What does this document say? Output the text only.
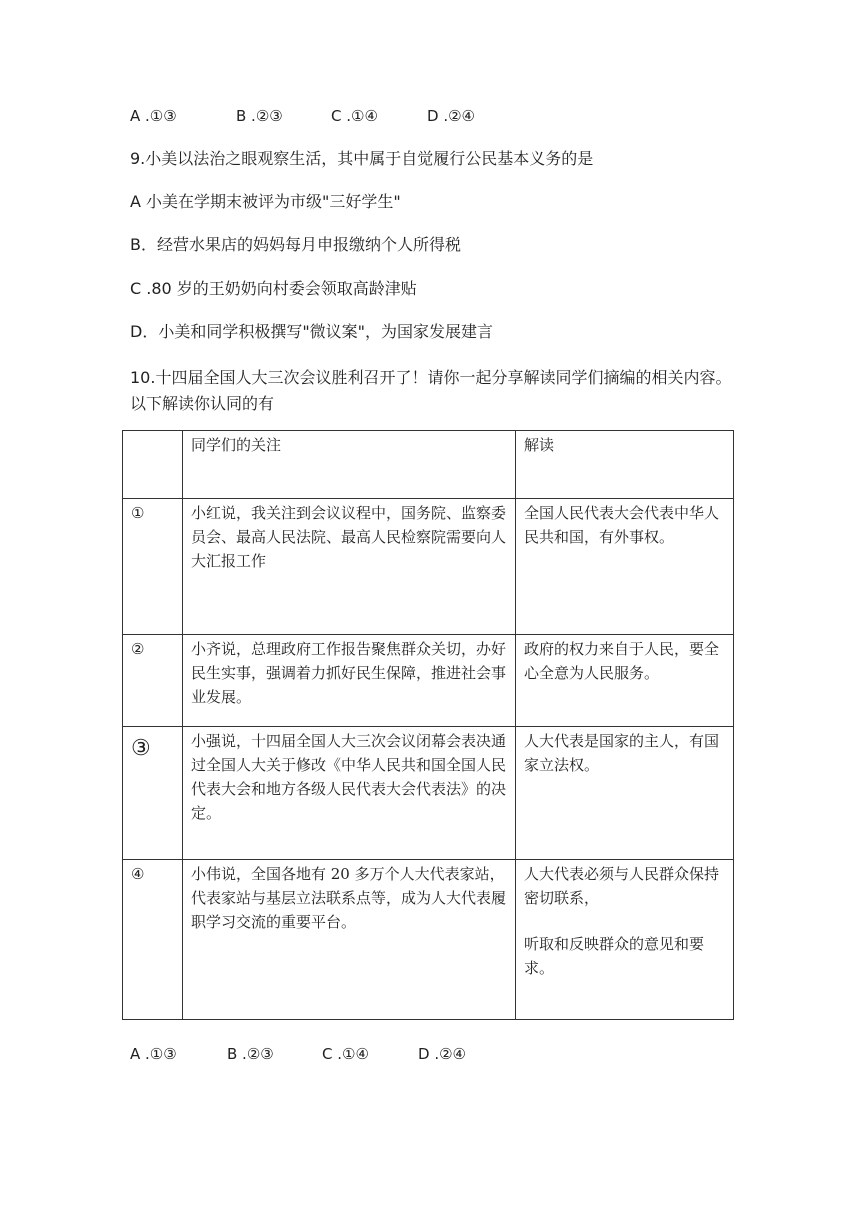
A .①③	B .②③	C .①④	D .②④
9.小美以法治之眼观察生活，其中属于自觉履行公民基本义务的是
A 小美在学期末被评为市级"三好学生"
B．经营水果店的妈妈每月申报缴纳个人所得税
C .80 岁的王奶奶向村委会领取高龄津贴
D．小美和同学积极撰写"微议案"，为国家发展建言
10.十四届全国人大三次会议胜利召开了！请你一起分享解读同学们摘编的相关内容。以下解读你认同的有
	同学们的关注	解读
①	小红说，我关注到会议议程中，国务院、监察委员会、最高人民法院、最高人民检察院需要向人大汇报工作	全国人民代表大会代表中华人民共和国，有外事权。
②	小齐说，总理政府工作报告聚焦群众关切，办好民生实事，强调着力抓好民生保障，推进社会事业发展。	政府的权力来自于人民，要全心全意为人民服务。
③	小强说，十四届全国人大三次会议闭幕会表决通过全国人大关于修改《中华人民共和国全国人民代表大会和地方各级人民代表大会代表法》的决定。	人大代表是国家的主人，有国家立法权。
④	小伟说，全国各地有 20 多万个人大代表家站，代表家站与基层立法联系点等，成为人大代表履职学习交流的重要平台。	人大代表必须与人民群众保持密切联系，
听取和反映群众的意见和要求。
A .①③	B .②③	C .①④	D .②④
